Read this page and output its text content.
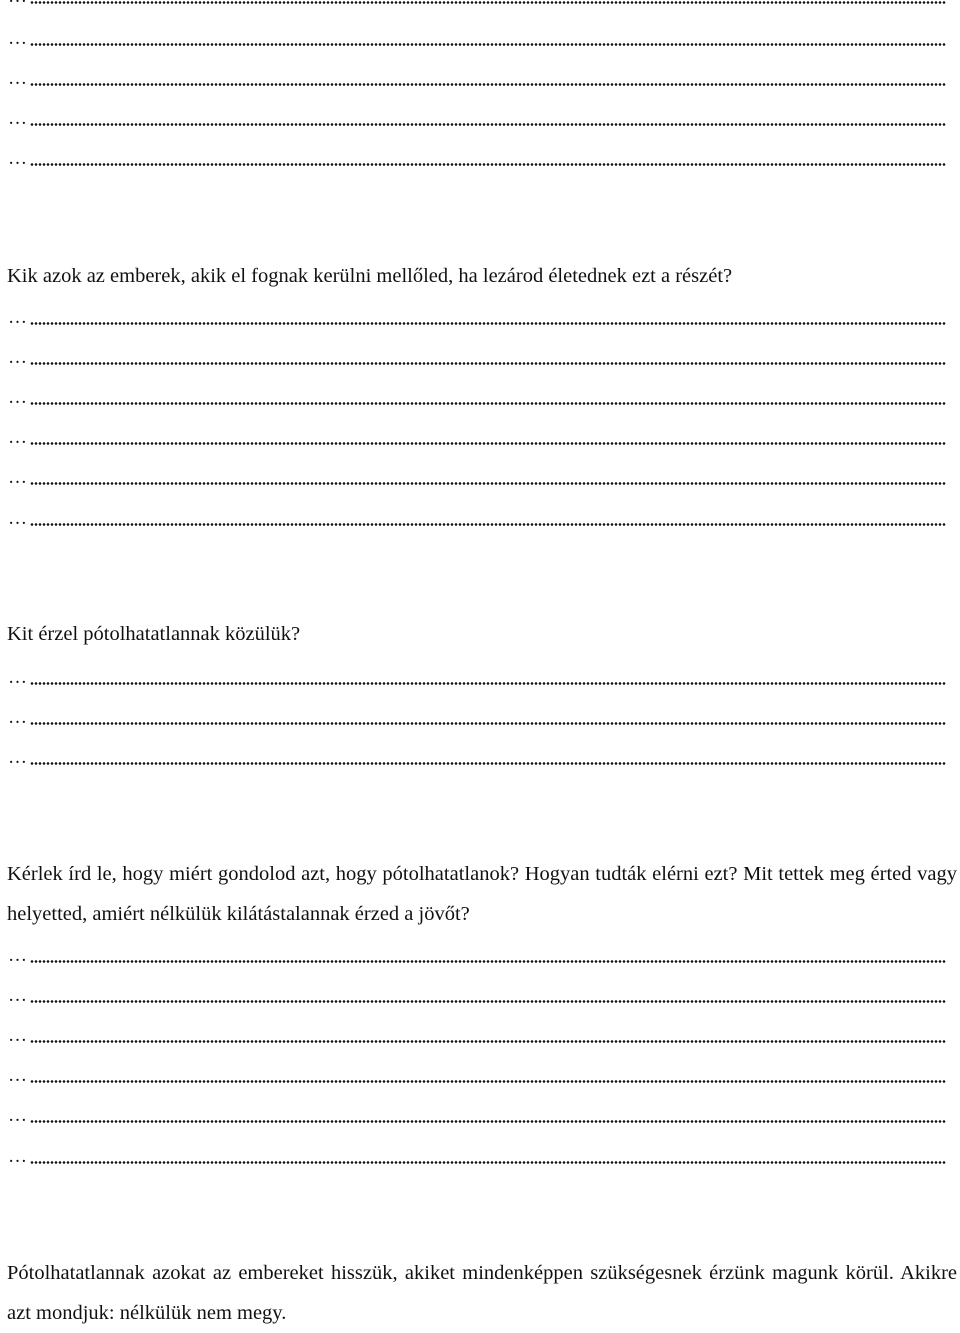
…
…
…
…

Kik azok az emberek, akik el fognak kerülni mellőled, ha lezárod életednek ezt a részét?

…
…
…
…
…
…

Kit érzel pótolhatatlannak közülük?

…
…
…

Kérlek írd le, hogy miért gondolod azt, hogy pótolhatatlanok? Hogyan tudták elérni ezt? Mit tettek meg érted vagy helyetted, amiért nélkülük kilátástalannak érzed a jövőt?

…
…
…
…
…
…

Pótolhatatlannak azokat az embereket hisszük, akiket mindenképpen szükségesnek érzünk magunk körül. Akikre azt mondjuk: nélkülük nem megy.
